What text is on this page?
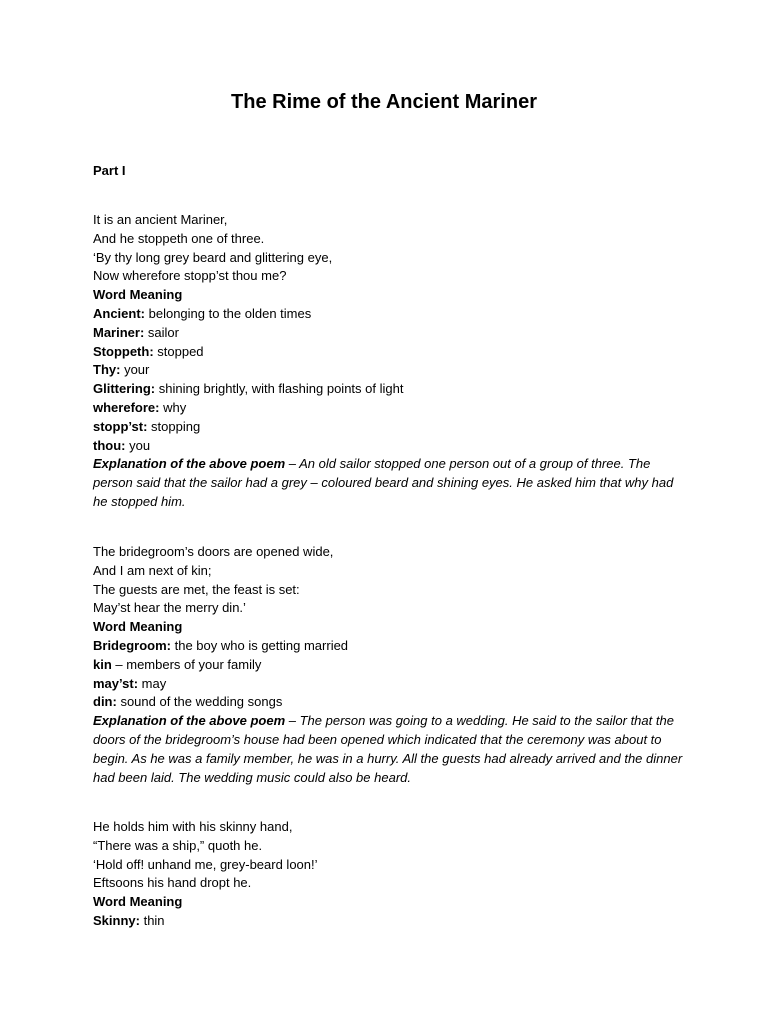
The Rime of the Ancient Mariner
Part I
It is an ancient Mariner,
And he stoppeth one of three.
‘By thy long grey beard and glittering eye,
Now wherefore stopp’st thou me?
Word Meaning
Ancient: belonging to the olden times
Mariner: sailor
Stoppeth: stopped
Thy: your
Glittering: shining brightly, with flashing points of light
wherefore: why
stopp’st: stopping
thou: you
Explanation of the above poem – An old sailor stopped one person out of a group of three. The person said that the sailor had a grey – coloured beard and shining eyes. He asked him that why had he stopped him.
The bridegroom’s doors are opened wide,
And I am next of kin;
The guests are met, the feast is set:
May’st hear the merry din.’
Word Meaning
Bridegroom: the boy who is getting married
kin – members of your family
may’st: may
din: sound of the wedding songs
Explanation of the above poem – The person was going to a wedding. He said to the sailor that the doors of the bridegroom’s house had been opened which indicated that the ceremony was about to begin. As he was a family member, he was in a hurry. All the guests had already arrived and the dinner had been laid. The wedding music could also be heard.
He holds him with his skinny hand,
“There was a ship,” quoth he.
‘Hold off! unhand me, grey-beard loon!’
Eftsoons his hand dropt he.
Word Meaning
Skinny: thin
